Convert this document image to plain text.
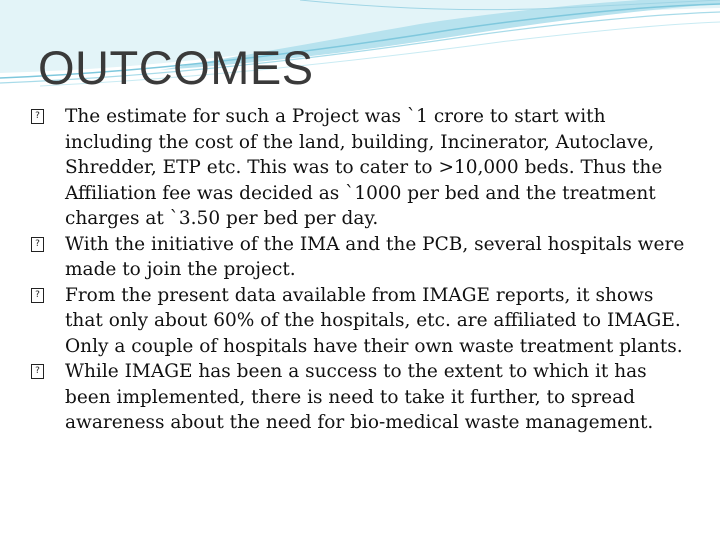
OUTCOMES
?
The estimate for such a Project was `1 crore to start with including the cost of the land, building, Incinerator, Autoclave, Shredder, ETP etc. This was to cater to >10,000 beds. Thus the Affiliation fee was decided as `1000 per bed and the treatment charges at `3.50 per bed per day.
?
With the initiative of the IMA and the PCB, several hospitals were made to join the project.
?
From the present data available from IMAGE reports, it shows that only about 60% of the hospitals, etc. are affiliated to IMAGE. Only a couple of hospitals have their own waste treatment plants.
?
While IMAGE has been a success to the extent to which it has been implemented, there is need to take it further, to spread awareness about the need for bio-medical waste management.
